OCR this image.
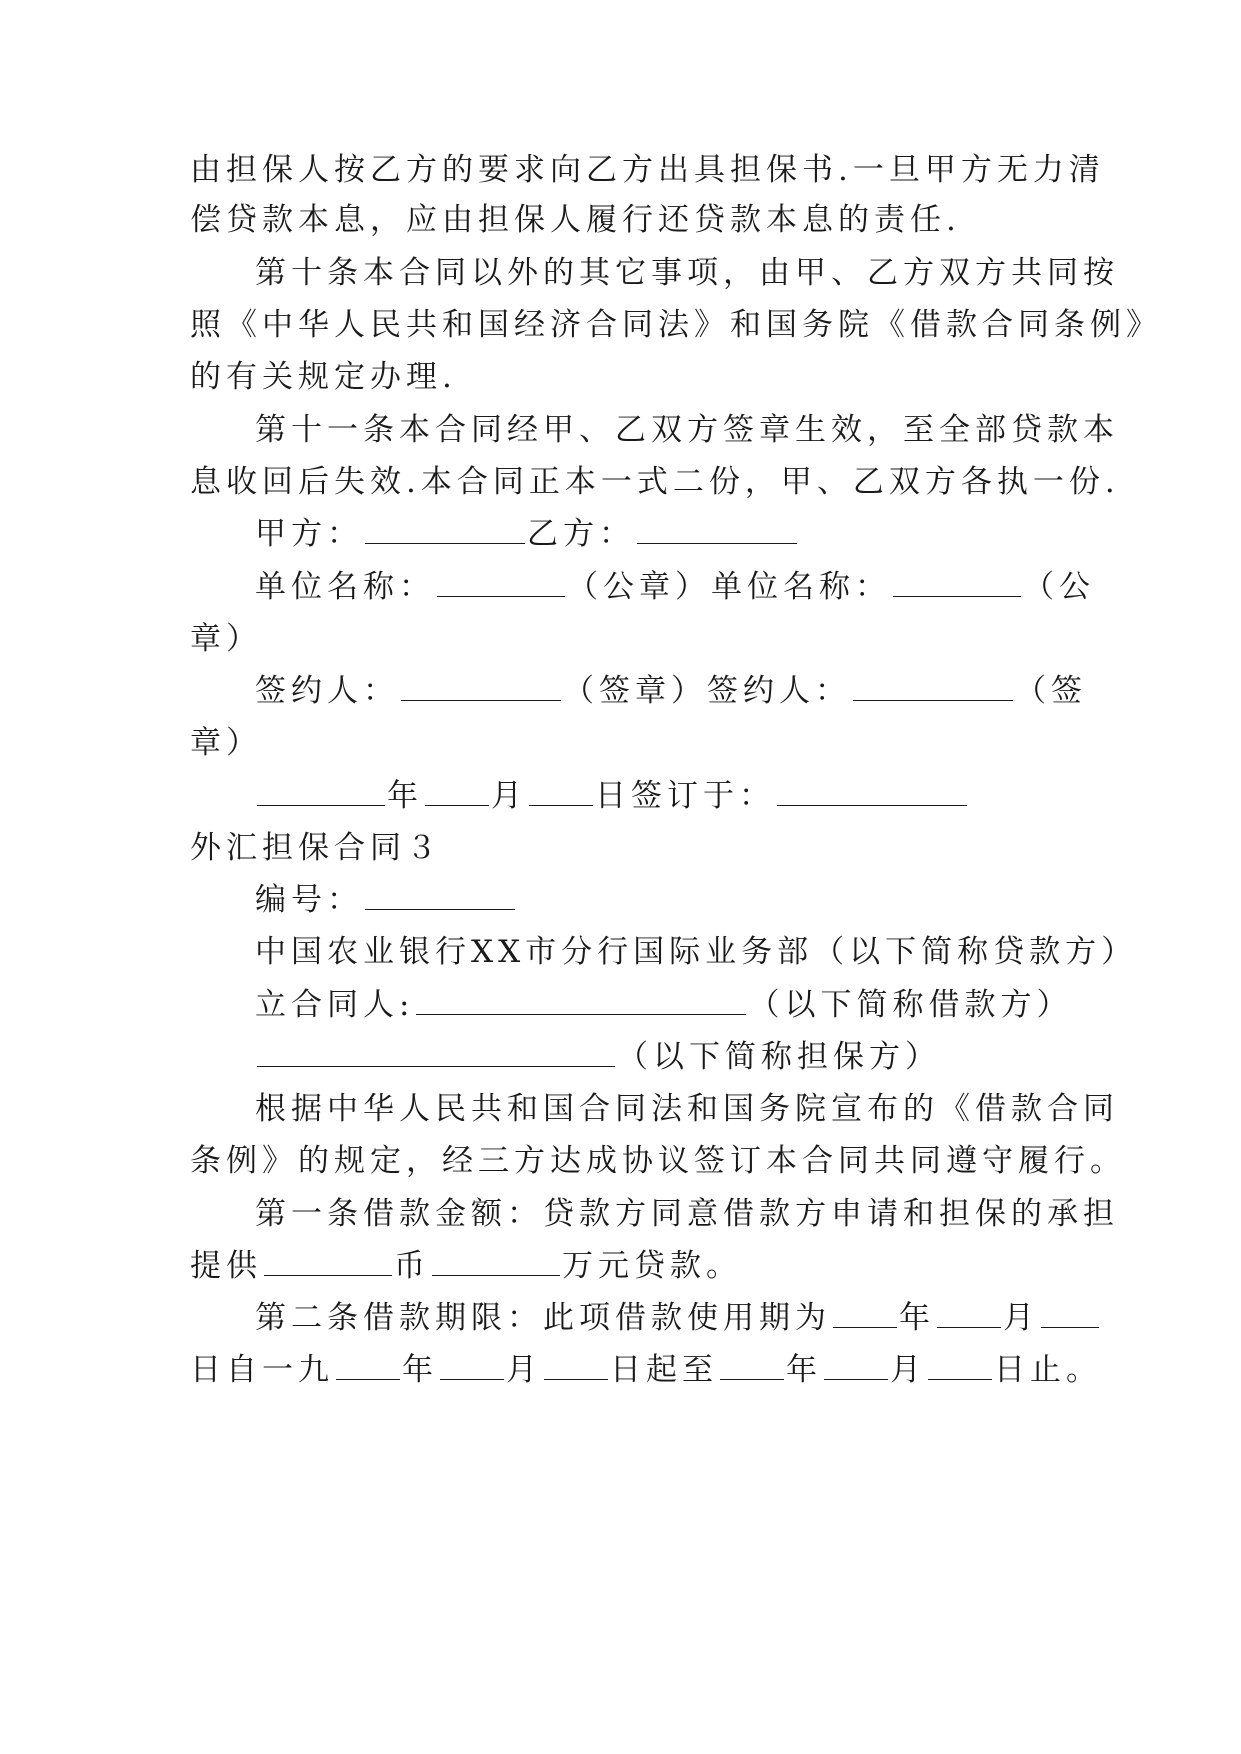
由担保人按乙方的要求向乙方出具担保书.一旦甲方无力清
偿贷款本息，应由担保人履行还贷款本息的责任.
第十条本合同以外的其它事项，由甲、乙方双方共同按
照《中华人民共和国经济合同法》和国务院《借款合同条例》
的有关规定办理.
第十一条本合同经甲、乙双方签章生效，至全部贷款本
息收回后失效.本合同正本一式二份，甲、乙双方各执一份.
甲方：	乙方：
单位名称：	（公章）单位名称：	（公
章）
签约人：	（签章）签约人：	（签
章）
年 月 日签订于：
外汇担保合同３
编号：
中国农业银行XX市分行国际业务部（以下简称贷款方）
立合同人:	（以下简称借款方）
（以下简称担保方）
根据中华人民共和国合同法和国务院宣布的《借款合同
条例》的规定，经三方达成协议签订本合同共同遵守履行。
第一条借款金额：贷款方同意借款方申请和担保的承担
提供	币	万元贷款。
第二条借款期限：此项借款使用期为 年 月
日自一九 年 月 日起至 年 月 日止。
